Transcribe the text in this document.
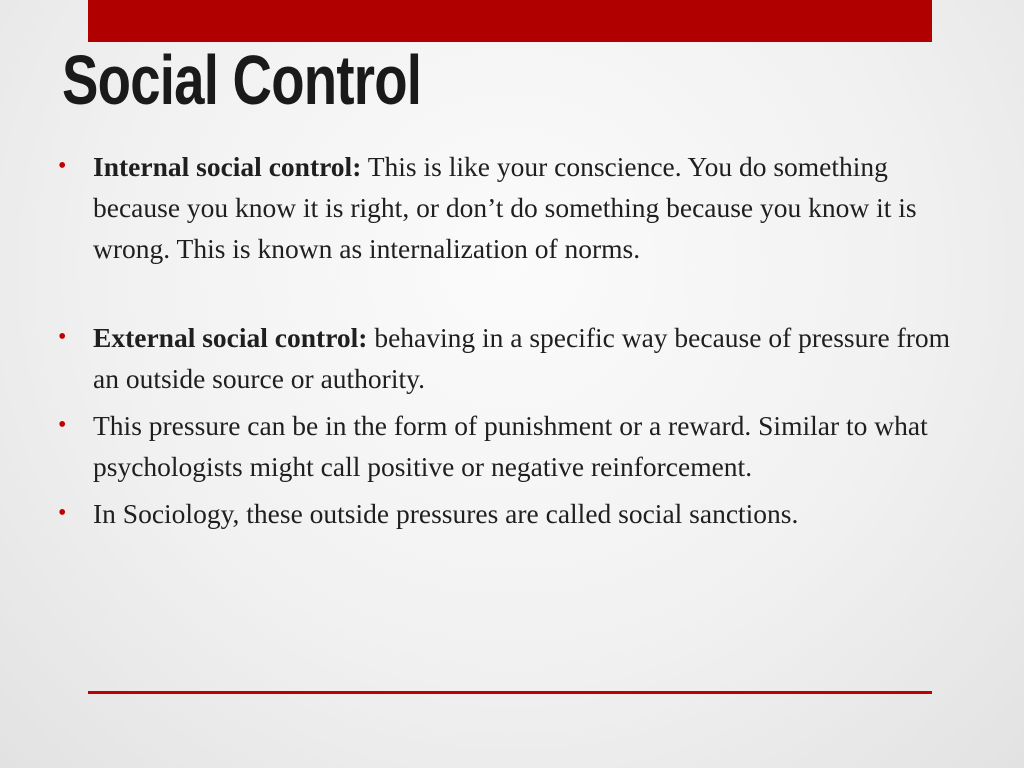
Social Control
• Internal social control: This is like your conscience. You do something because you know it is right, or don’t do something because you know it is wrong. This is known as internalization of norms.
• External social control: behaving in a specific way because of pressure from an outside source or authority.
• This pressure can be in the form of punishment or a reward. Similar to what psychologists might call positive or negative reinforcement.
• In Sociology, these outside pressures are called social sanctions.
